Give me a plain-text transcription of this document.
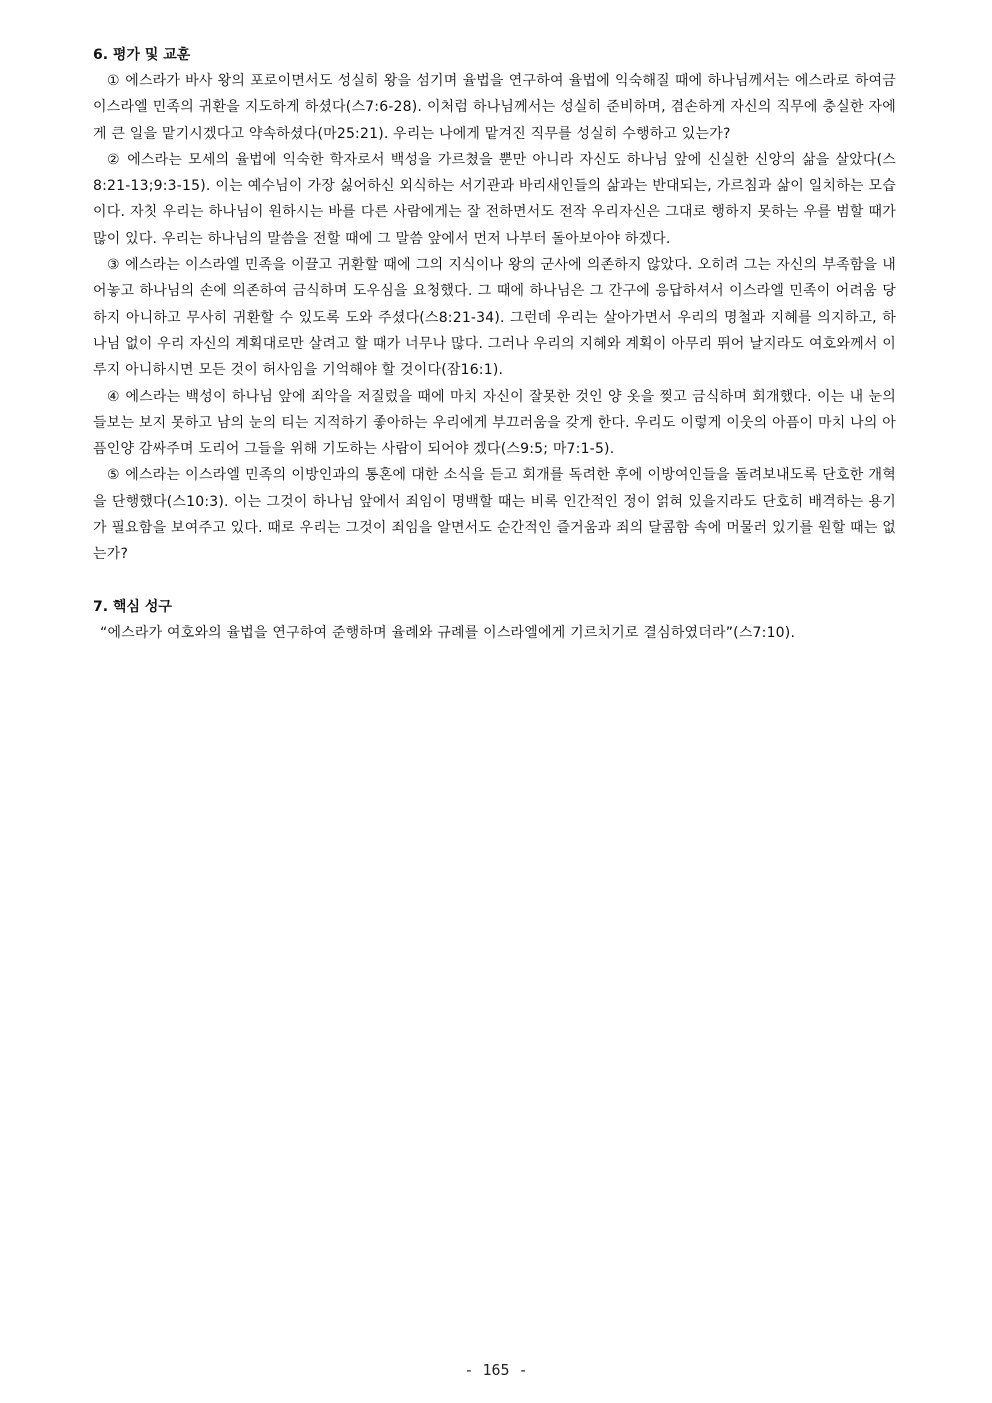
6. 평가 및 교훈

① 에스라가 바사 왕의 포로이면서도 성실히 왕을 섬기며 율법을 연구하여 율법에 익숙해질 때에 하나님께서는 에스라로 하여금 이스라엘 민족의 귀환을 지도하게 하셨다(스7:6-28). 이처럼 하나님께서는 성실히 준비하며, 겸손하게 자신의 직무에 충실한 자에게 큰 일을 맡기시겠다고 약속하셨다(마25:21). 우리는 나에게 맡겨진 직무를 성실히 수행하고 있는가?

② 에스라는 모세의 율법에 익숙한 학자로서 백성을 가르쳤을 뿐만 아니라 자신도 하나님 앞에 신실한 신앙의 삶을 살았다(스8:21-13;9:3-15). 이는 예수님이 가장 싫어하신 외식하는 서기관과 바리새인들의 삶과는 반대되는, 가르침과 삶이 일치하는 모습이다. 자칫 우리는 하나님이 원하시는 바를 다른 사람에게는 잘 전하면서도 전작 우리자신은 그대로 행하지 못하는 우를 범할 때가 많이 있다. 우리는 하나님의 말씀을 전할 때에 그 말씀 앞에서 먼저 나부터 돌아보아야 하겠다.

③ 에스라는 이스라엘 민족을 이끌고 귀환할 때에 그의 지식이나 왕의 군사에 의존하지 않았다. 오히려 그는 자신의 부족함을 내어놓고 하나님의 손에 의존하여 금식하며 도우심을 요청했다. 그 때에 하나님은 그 간구에 응답하셔서 이스라엘 민족이 어려움 당하지 아니하고 무사히 귀환할 수 있도록 도와 주셨다(스8:21-34). 그런데 우리는 살아가면서 우리의 명철과 지혜를 의지하고, 하나님 없이 우리 자신의 계획대로만 살려고 할 때가 너무나 많다. 그러나 우리의 지혜와 계획이 아무리 뛰어 날지라도 여호와께서 이루지 아니하시면 모든 것이 허사임을 기억해야 할 것이다(잠16:1).

④ 에스라는 백성이 하나님 앞에 죄악을 저질렀을 때에 마치 자신이 잘못한 것인 양 옷을 찢고 금식하며 회개했다. 이는 내 눈의 들보는 보지 못하고 남의 눈의 티는 지적하기 좋아하는 우리에게 부끄러움을 갖게 한다. 우리도 이렇게 이웃의 아픔이 마치 나의 아픔인양 감싸주며 도리어 그들을 위해 기도하는 사람이 되어야 겠다(스9:5; 마7:1-5).

⑤ 에스라는 이스라엘 민족의 이방인과의 통혼에 대한 소식을 듣고 회개를 독려한 후에 이방여인들을 돌려보내도록 단호한 개혁을 단행했다(스10:3). 이는 그것이 하나님 앞에서 죄임이 명백할 때는 비록 인간적인 정이 얽혀 있을지라도 단호히 배격하는 용기가 필요함을 보여주고 있다. 때로 우리는 그것이 죄임을 알면서도 순간적인 즐거움과 죄의 달콤함 속에 머물러 있기를 원할 때는 없는가?

7. 핵심 성구

“에스라가 여호와의 율법을 연구하여 준행하며 율례와 규례를 이스라엘에게 기르치기로 결심하였더라”(스7:10).

- 165 -
